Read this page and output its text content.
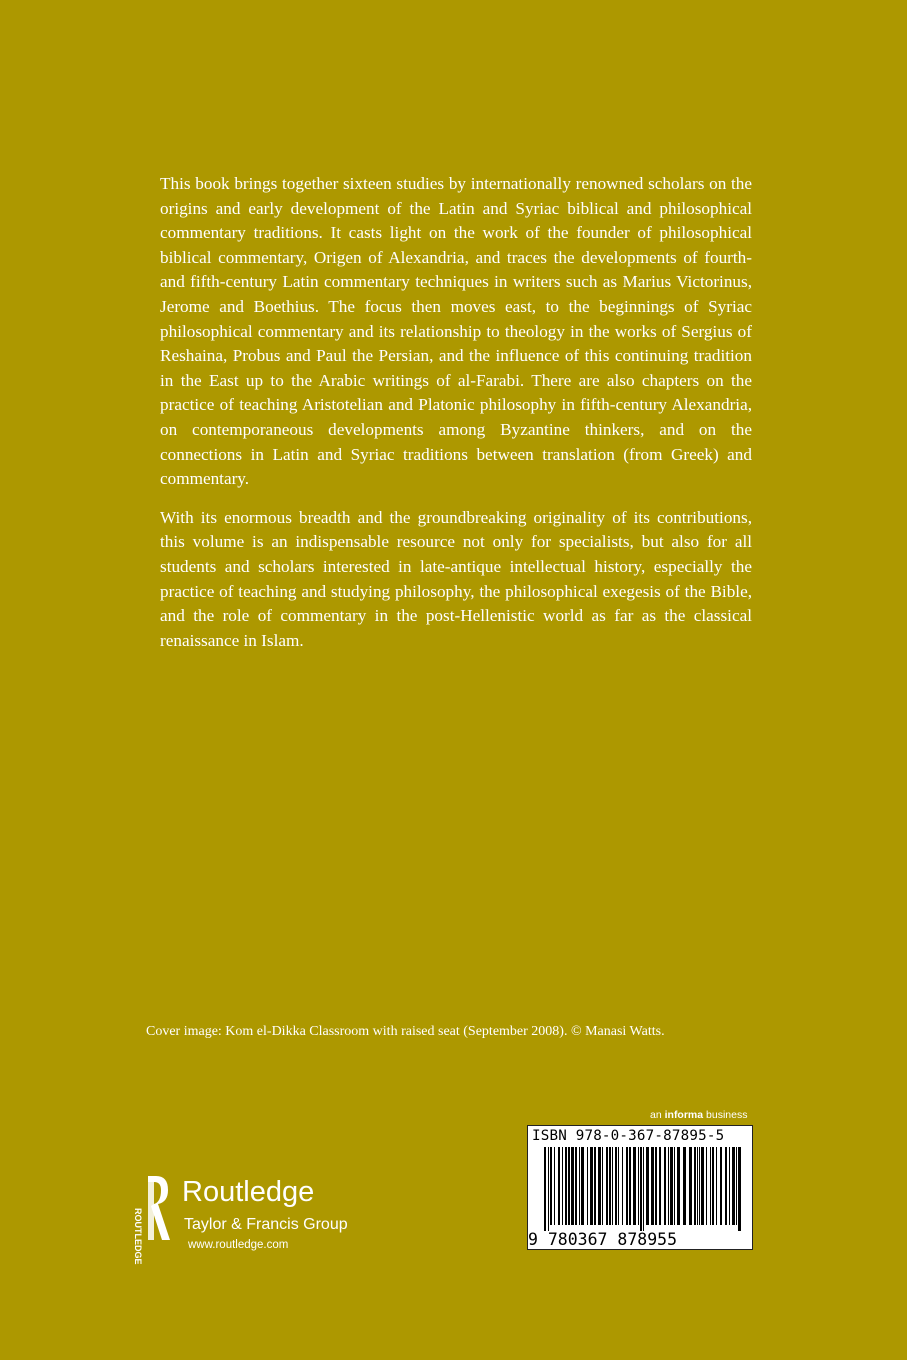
This book brings together sixteen studies by internationally renowned scholars on the origins and early development of the Latin and Syriac biblical and philosophical commentary traditions. It casts light on the work of the founder of philosophical biblical commentary, Origen of Alexandria, and traces the developments of fourth- and fifth-century Latin commentary techniques in writers such as Marius Victorinus, Jerome and Boethius. The focus then moves east, to the beginnings of Syriac philosophical commentary and its relationship to theology in the works of Sergius of Reshaina, Probus and Paul the Persian, and the influence of this continuing tradition in the East up to the Arabic writings of al-Farabi. There are also chapters on the practice of teaching Aristotelian and Platonic philosophy in fifth-century Alexandria, on contemporaneous developments among Byzantine thinkers, and on the connections in Latin and Syriac traditions between translation (from Greek) and commentary.

With its enormous breadth and the groundbreaking originality of its contributions, this volume is an indispensable resource not only for specialists, but also for all students and scholars interested in late-antique intellectual history, especially the practice of teaching and studying philosophy, the philosophical exegesis of the Bible, and the role of commentary in the post-Hellenistic world as far as the classical renaissance in Islam.

Cover image: Kom el-Dikka Classroom with raised seat (September 2008). © Manasi Watts.
an informa business
ISBN 978-0-367-87895-5
9 780367 878955
ROUTLEDGE
Routledge
Taylor & Francis Group
www.routledge.com
